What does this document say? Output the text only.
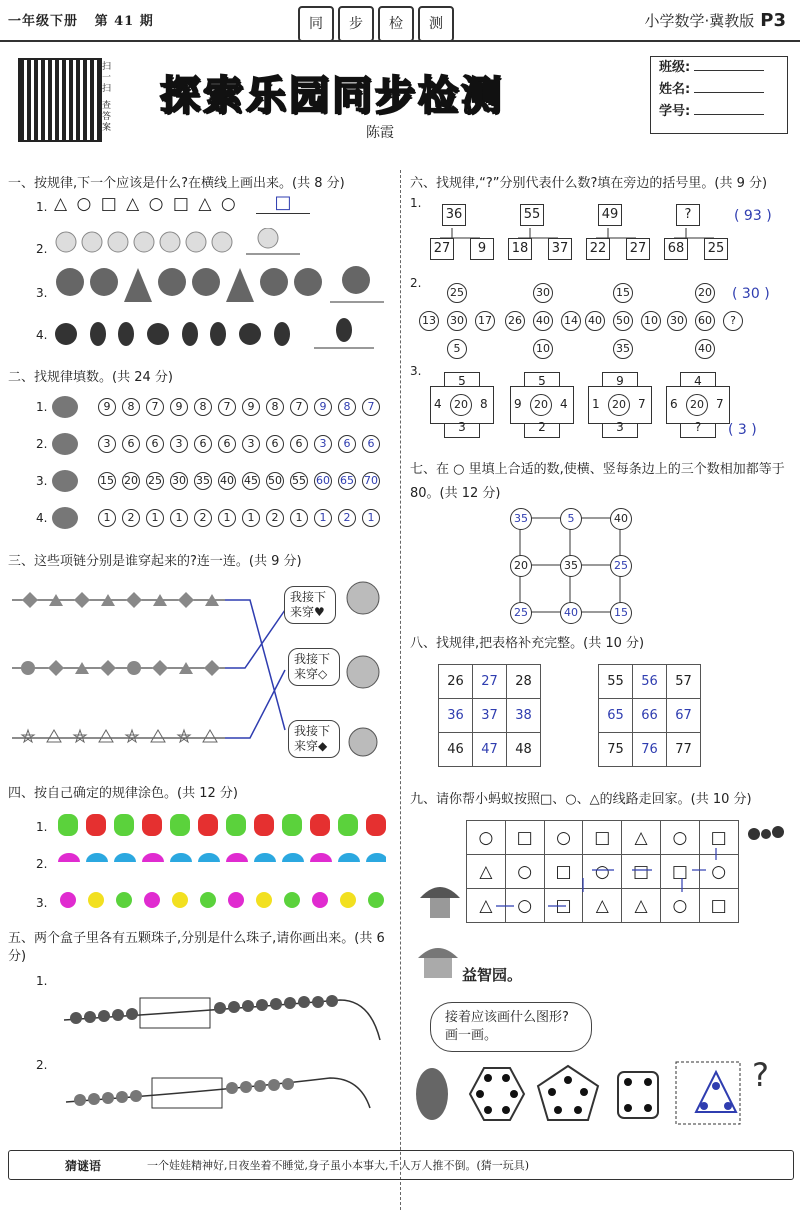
一年级下册 第 41 期	同	步	检	测	小学数学·冀教版 P3
扫
一
扫
查
答
案
探索乐园同步检测
陈霞
班级:
姓名:
学号:
一、按规律,下一个应该是什么?在横线上画出来。(共 8 分)
1. △ ○ □ △ ○ □ △ ○	□
2.
3.
4.
二、找规律填数。(共 24 分)
1.	9	8	7	9	8	7	9	8	7	9	8	7
2.	3	6	6	3	6	6	3	6	6	3	6	6
3.	15 20 25 30 35 40 45 50 55 60 65 70
4.	1	2	1	1	2	1	1	2	1	1	2	1
三、这些项链分别是谁穿起来的?连一连。(共 9 分)
我接下来穿♥
我接下来穿◇
我接下来穿◆
四、按自己确定的规律涂色。(共 12 分)
1.
2.
3.
五、两个盒子里各有五颗珠子,分别是什么珠子,请你画出来。(共 6 分)
1.
2.
六、找规律,“?”分别代表什么数?填在旁边的括号里。(共 9 分)
1.
36
27	9
55
18 37
49
22 27
?
68 25
( 93 )
2.
25
13 30 17
5
30
26 40 14
10
15
40 50 10
35
20
30 60	?
40
( 30 )
3.
5
4	20	8
3
5
9	20	4
2
9
1	20	7
3
4
6	20	7
?	( 3 )
七、在 ○ 里填上合适的数,使横、竖每条边上的三个数相加都等于 80。(共 12 分)
35	5	40
20	35	25
25	40	15
八、找规律,把表格补充完整。(共 10 分)
26	27	28
36	37	38
46	47	48
55	56	57
65	66	67
75	76	77
九、请你帮小蚂蚁按照□、○、△的线路走回家。(共 10 分)
○	□	○	□	△	○	□
△	○	□	○	□	□	○
△	○	□	△	△	○	□
益智园。
接着应该画什么图形?画一画。
?
猜谜语	一个娃娃精神好,日夜坐着不睡觉,身子虽小本事大,千人万人推不倒。(猜一玩具)
